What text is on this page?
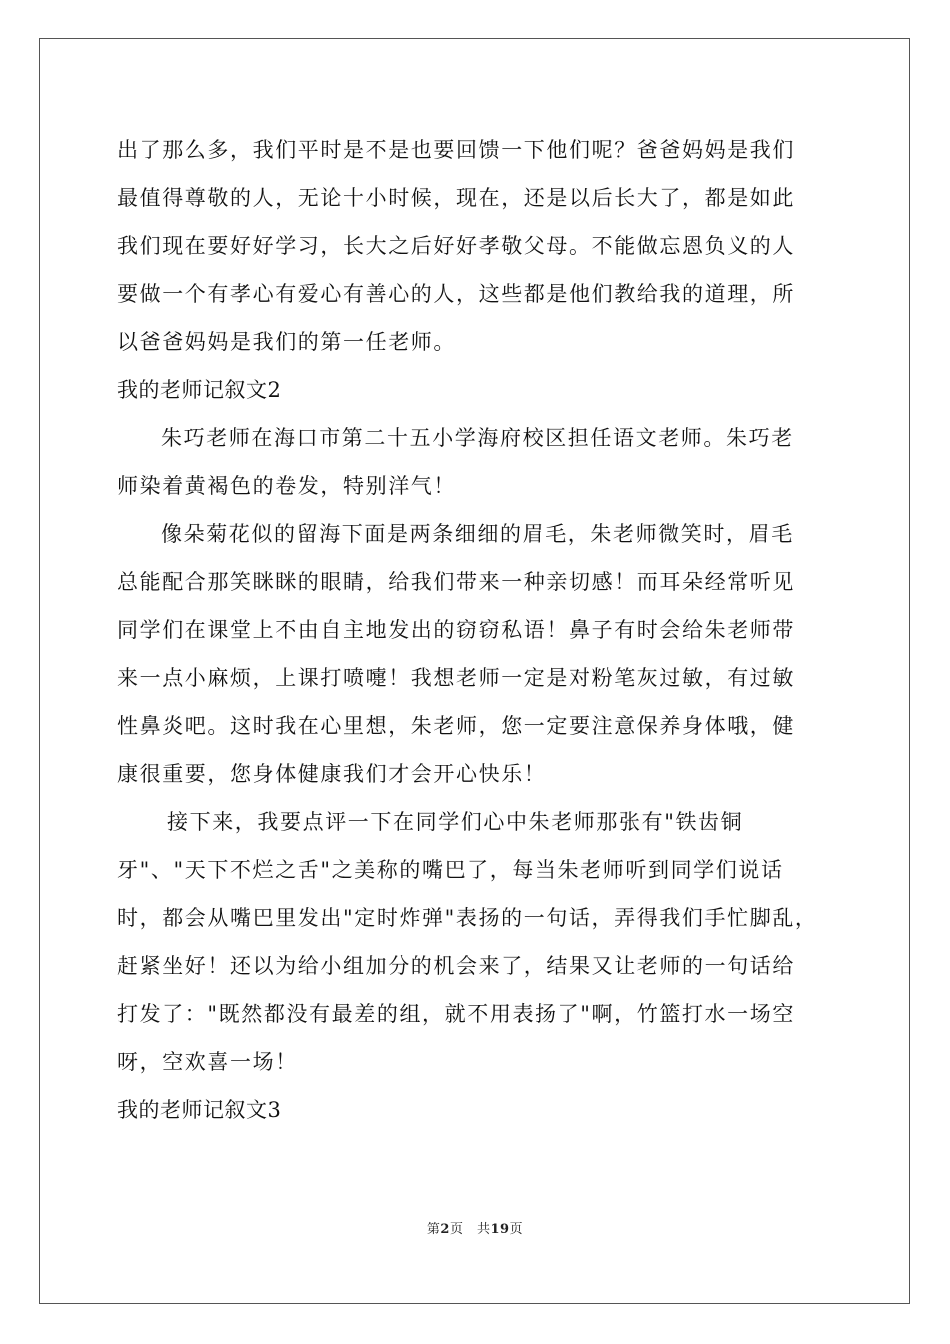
出了那么多，我们平时是不是也要回馈一下他们呢？爸爸妈妈是我们
最值得尊敬的人，无论十小时候，现在，还是以后长大了，都是如此
我们现在要好好学习，长大之后好好孝敬父母。不能做忘恩负义的人
要做一个有孝心有爱心有善心的人，这些都是他们教给我的道理，所
以爸爸妈妈是我们的第一任老师。
我的老师记叙文2
朱巧老师在海口市第二十五小学海府校区担任语文老师。朱巧老
师染着黄褐色的卷发，特别洋气！
像朵菊花似的留海下面是两条细细的眉毛，朱老师微笑时，眉毛
总能配合那笑眯眯的眼睛，给我们带来一种亲切感！而耳朵经常听见
同学们在课堂上不由自主地发出的窃窃私语！鼻子有时会给朱老师带
来一点小麻烦，上课打喷嚏！我想老师一定是对粉笔灰过敏，有过敏
性鼻炎吧。这时我在心里想，朱老师，您一定要注意保养身体哦，健
康很重要，您身体健康我们才会开心快乐！
接下来，我要点评一下在同学们心中朱老师那张有"铁齿铜
牙"、"天下不烂之舌"之美称的嘴巴了，每当朱老师听到同学们说话
时，都会从嘴巴里发出"定时炸弹"表扬的一句话，弄得我们手忙脚乱，
赶紧坐好！还以为给小组加分的机会来了，结果又让老师的一句话给
打发了："既然都没有最差的组，就不用表扬了"啊，竹篮打水一场空
呀，空欢喜一场！
我的老师记叙文3
第2页　共19页
